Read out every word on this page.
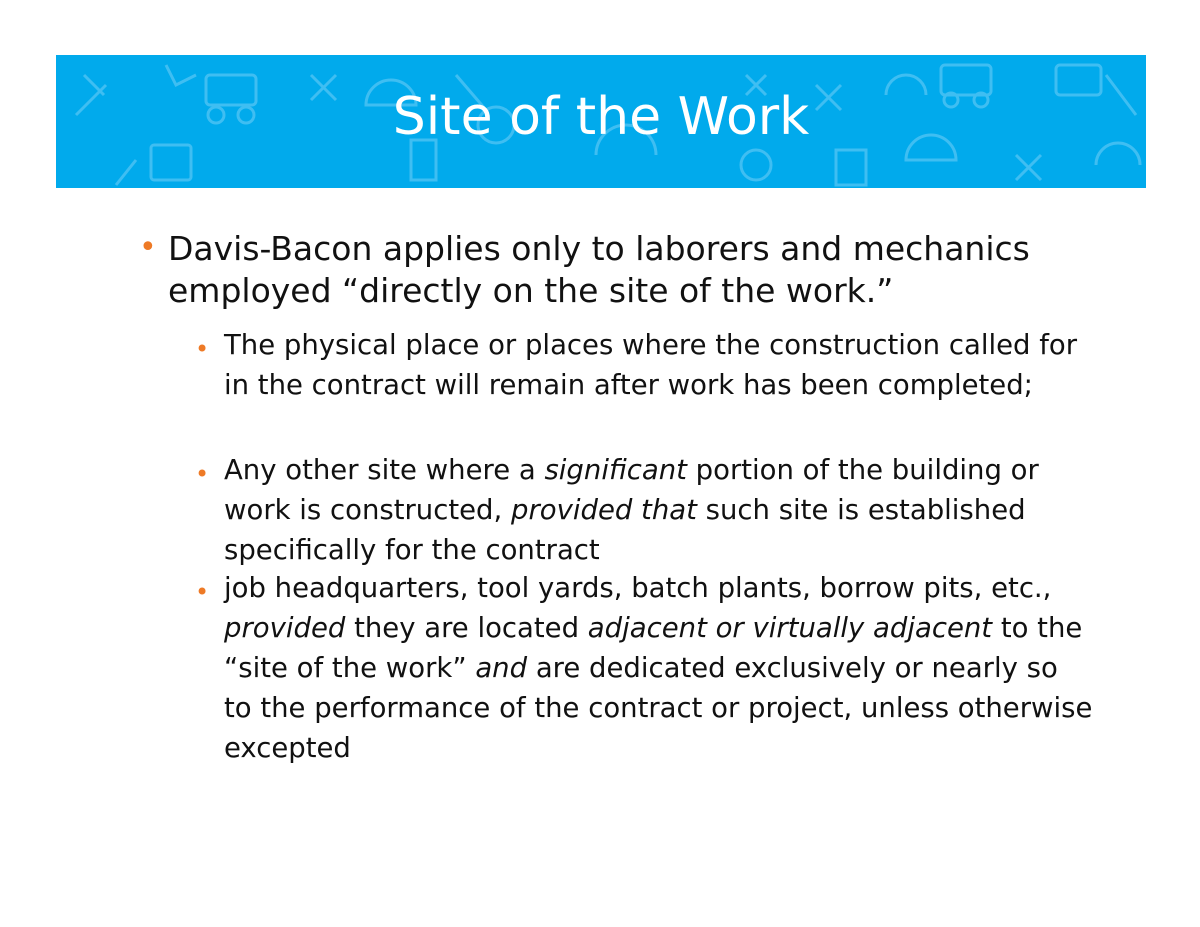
Site of the Work
• Davis-Bacon applies only to laborers and mechanics employed “directly on the site of the work.”
• The physical place or places where the construction called for in the contract will remain after work has been completed;
• Any other site where a significant portion of the building or work is constructed, provided that such site is established specifically for the contract
• job headquarters, tool yards, batch plants, borrow pits, etc., provided they are located adjacent or virtually adjacent to the “site of the work” and are dedicated exclusively or nearly so to the performance of the contract or project, unless otherwise excepted
